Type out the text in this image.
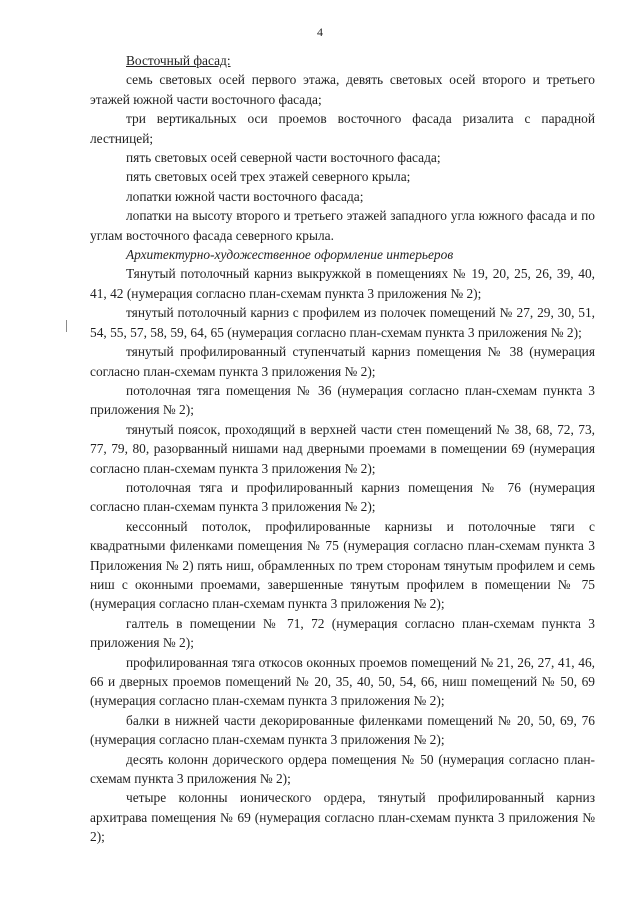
4

Восточный фасад:

семь световых осей первого этажа, девять световых осей второго и третьего этажей южной части восточного фасада;

три вертикальных оси проемов восточного фасада ризалита с парадной лестницей;

пять световых осей северной части восточного фасада;

пять световых осей трех этажей северного крыла;

лопатки южной части восточного фасада;

лопатки на высоту второго и третьего этажей западного угла южного фасада и по углам восточного фасада северного крыла.

Архитектурно-художественное оформление интерьеров

Тянутый потолочный карниз выкружкой в помещениях № 19, 20, 25, 26, 39, 40, 41, 42 (нумерация согласно план-схемам пункта 3 приложения № 2);

тянутый потолочный карниз с профилем из полочек помещений № 27, 29, 30, 51, 54, 55, 57, 58, 59, 64, 65 (нумерация согласно план-схемам пункта 3 приложения № 2);

тянутый профилированный ступенчатый карниз помещения № 38 (нумерация согласно план-схемам пункта 3 приложения № 2);

потолочная тяга помещения № 36 (нумерация согласно план-схемам пункта 3 приложения № 2);

тянутый поясок, проходящий в верхней части стен помещений № 38, 68, 72, 73, 77, 79, 80, разорванный нишами над дверными проемами в помещении 69 (нумерация согласно план-схемам пункта 3 приложения № 2);

потолочная тяга и профилированный карниз помещения № 76 (нумерация согласно план-схемам пункта 3 приложения № 2);

кессонный потолок, профилированные карнизы и потолочные тяги с квадратными филенками помещения № 75 (нумерация согласно план-схемам пункта 3 Приложения № 2) пять ниш, обрамленных по трем сторонам тянутым профилем и семь ниш с оконными проемами, завершенные тянутым профилем в помещении № 75 (нумерация согласно план-схемам пункта 3 приложения № 2);

галтель в помещении № 71, 72 (нумерация согласно план-схемам пункта 3 приложения № 2);

профилированная тяга откосов оконных проемов помещений № 21, 26, 27, 41, 46, 66 и дверных проемов помещений № 20, 35, 40, 50, 54, 66, ниш помещений № 50, 69 (нумерация согласно план-схемам пункта 3 приложения № 2);

балки в нижней части декорированные филенками помещений № 20, 50, 69, 76 (нумерация согласно план-схемам пункта 3 приложения № 2);

десять колонн дорического ордера помещения № 50 (нумерация согласно план-схемам пункта 3 приложения № 2);

четыре колонны ионического ордера, тянутый профилированный карниз архитрава помещения № 69 (нумерация согласно план-схемам пункта 3 приложения № 2);
